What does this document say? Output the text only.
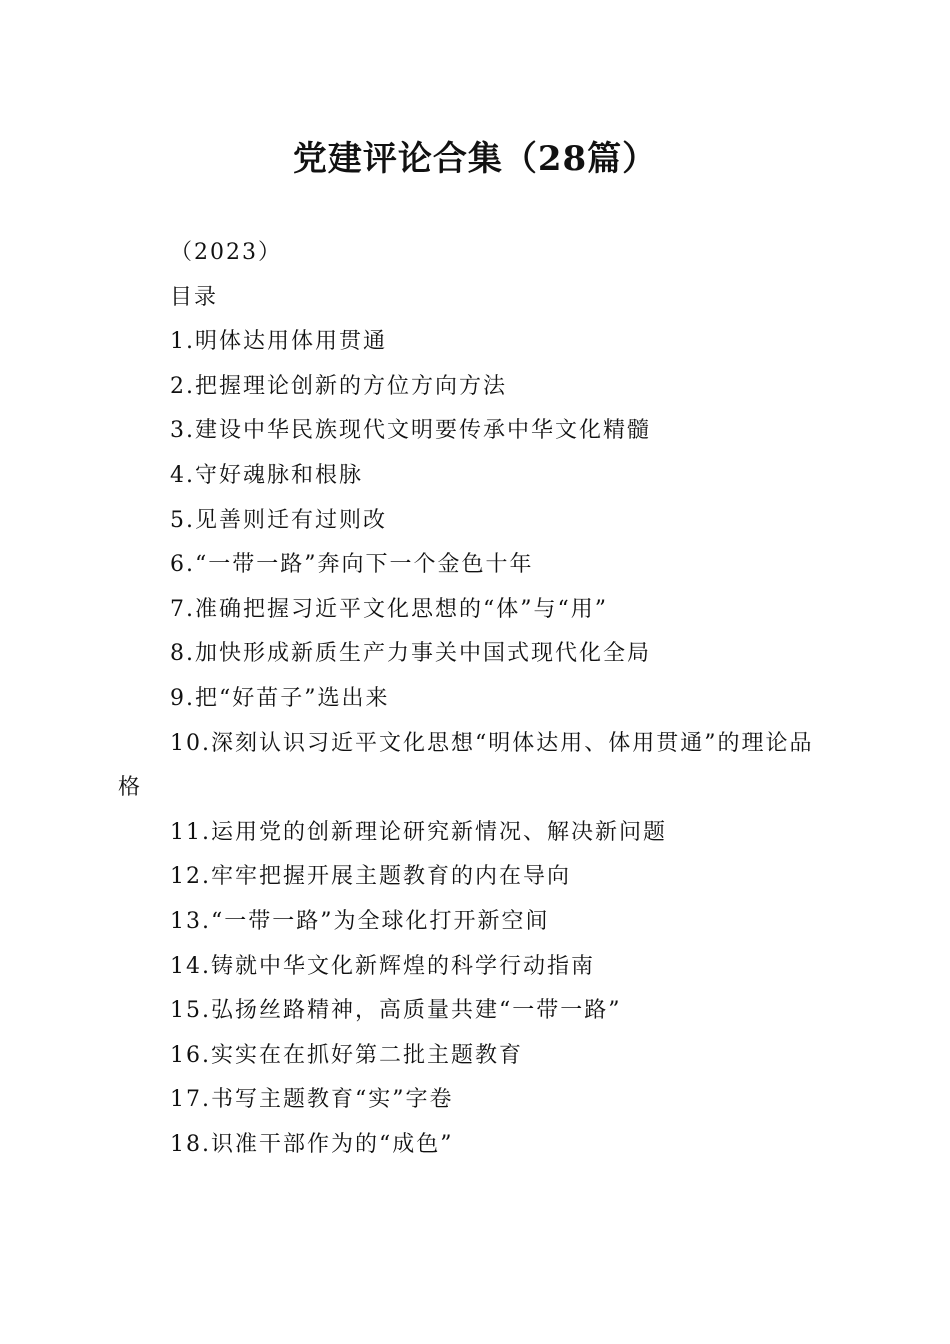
党建评论合集（28篇）

（2023）

目录

1.明体达用体用贯通

2.把握理论创新的方位方向方法

3.建设中华民族现代文明要传承中华文化精髓

4.守好魂脉和根脉

5.见善则迁有过则改

6.“一带一路”奔向下一个金色十年

7.准确把握习近平文化思想的“体”与“用”

8.加快形成新质生产力事关中国式现代化全局

9.把“好苗子”选出来

10.深刻认识习近平文化思想“明体达用、体用贯通”的理论品格

11.运用党的创新理论研究新情况、解决新问题

12.牢牢把握开展主题教育的内在导向

13.“一带一路”为全球化打开新空间

14.铸就中华文化新辉煌的科学行动指南

15.弘扬丝路精神，高质量共建“一带一路”

16.实实在在抓好第二批主题教育

17.书写主题教育“实”字卷

18.识准干部作为的“成色”
